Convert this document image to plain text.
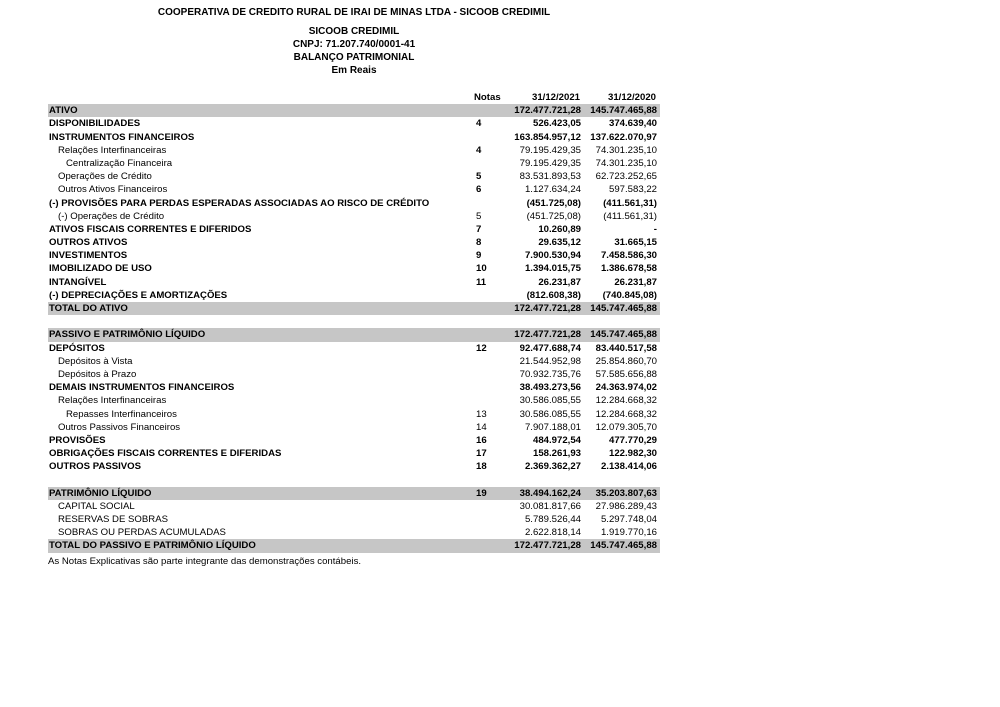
COOPERATIVA DE CREDITO RURAL DE IRAI DE MINAS LTDA - SICOOB CREDIMIL
SICOOB CREDIMIL
CNPJ: 71.207.740/0001-41
BALANÇO PATRIMONIAL
Em Reais
Notas	31/12/2021	31/12/2020
ATIVO	172.477.721,28 145.747.465,88
DISPONIBILIDADES	4	526.423,05	374.639,40
INSTRUMENTOS FINANCEIROS	163.854.957,12 137.622.070,97
Relações Interfinanceiras	4	79.195.429,35 74.301.235,10
Centralização Financeira	79.195.429,35 74.301.235,10
Operações de Crédito	5	83.531.893,53 62.723.252,65
Outros Ativos Financeiros	6	1.127.634,24	597.583,22
(-) PROVISÕES PARA PERDAS ESPERADAS ASSOCIADAS AO RISCO DE CRÉDITO	(451.725,08) (411.561,31)
(-) Operações de Crédito	5	(451.725,08) (411.561,31)
ATIVOS FISCAIS CORRENTES E DIFERIDOS	7	10.260,89	-
OUTROS ATIVOS	8	29.635,12	31.665,15
INVESTIMENTOS	9	7.900.530,94 7.458.586,30
IMOBILIZADO DE USO	10	1.394.015,75 1.386.678,58
INTANGÍVEL	11	26.231,87	26.231,87
(-) DEPRECIAÇÕES E AMORTIZAÇÕES	(812.608,38) (740.845,08)
TOTAL DO ATIVO	172.477.721,28 145.747.465,88
PASSIVO E PATRIMÔNIO LÍQUIDO	172.477.721,28 145.747.465,88
DEPÓSITOS	12	92.477.688,74 83.440.517,58
Depósitos à Vista	21.544.952,98 25.854.860,70
Depósitos à Prazo	70.932.735,76 57.585.656,88
DEMAIS INSTRUMENTOS FINANCEIROS	38.493.273,56 24.363.974,02
Relações Interfinanceiras	30.586.085,55 12.284.668,32
Repasses Interfinanceiros	13	30.586.085,55 12.284.668,32
Outros Passivos Financeiros	14	7.907.188,01 12.079.305,70
PROVISÕES	16	484.972,54	477.770,29
OBRIGAÇÕES FISCAIS CORRENTES E DIFERIDAS	17	158.261,93	122.982,30
OUTROS PASSIVOS	18	2.369.362,27 2.138.414,06
PATRIMÔNIO LÍQUIDO	19	38.494.162,24 35.203.807,63
CAPITAL SOCIAL	30.081.817,66 27.986.289,43
RESERVAS DE SOBRAS	5.789.526,44 5.297.748,04
SOBRAS OU PERDAS ACUMULADAS	2.622.818,14 1.919.770,16
TOTAL DO PASSIVO E PATRIMÔNIO LÍQUIDO	172.477.721,28 145.747.465,88
As Notas Explicativas são parte integrante das demonstrações contábeis.
